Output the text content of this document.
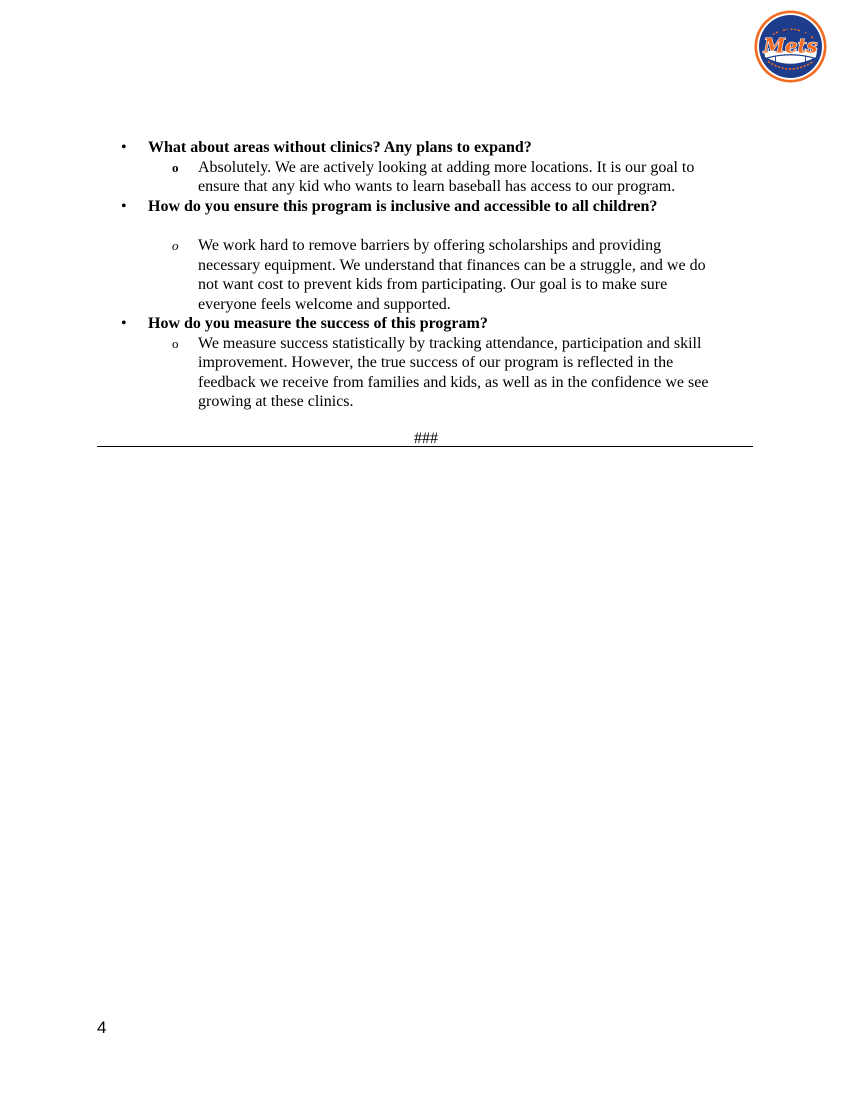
Mets
• What about areas without clinics? Any plans to expand?
o Absolutely. We are actively looking at adding more locations. It is our goal to
ensure that any kid who wants to learn baseball has access to our program.
• How do you ensure this program is inclusive and accessible to all children?
o We work hard to remove barriers by offering scholarships and providing
necessary equipment. We understand that finances can be a struggle, and we do
not want cost to prevent kids from participating. Our goal is to make sure
everyone feels welcome and supported.
• How do you measure the success of this program?
o We measure success statistically by tracking attendance, participation and skill
improvement. However, the true success of our program is reflected in the
feedback we receive from families and kids, as well as in the confidence we see
growing at these clinics.
###
4
